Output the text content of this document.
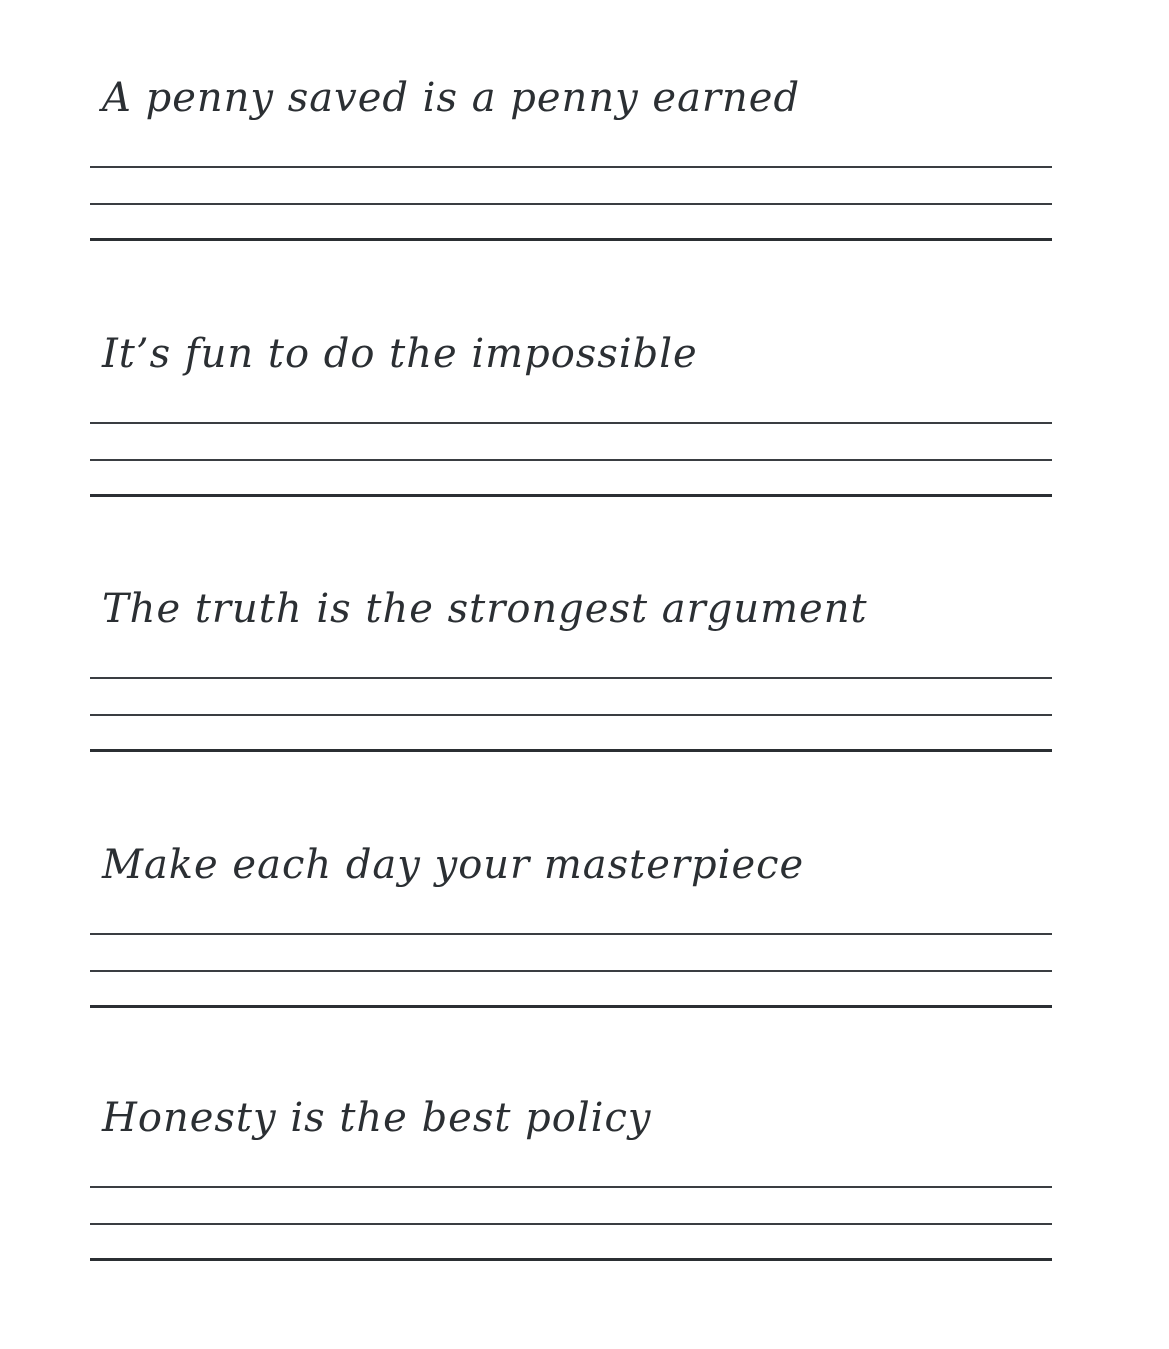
A penny saved is a penny earned
It’s fun to do the impossible
The truth is the strongest argument
Make each day your masterpiece
Honesty is the best policy
